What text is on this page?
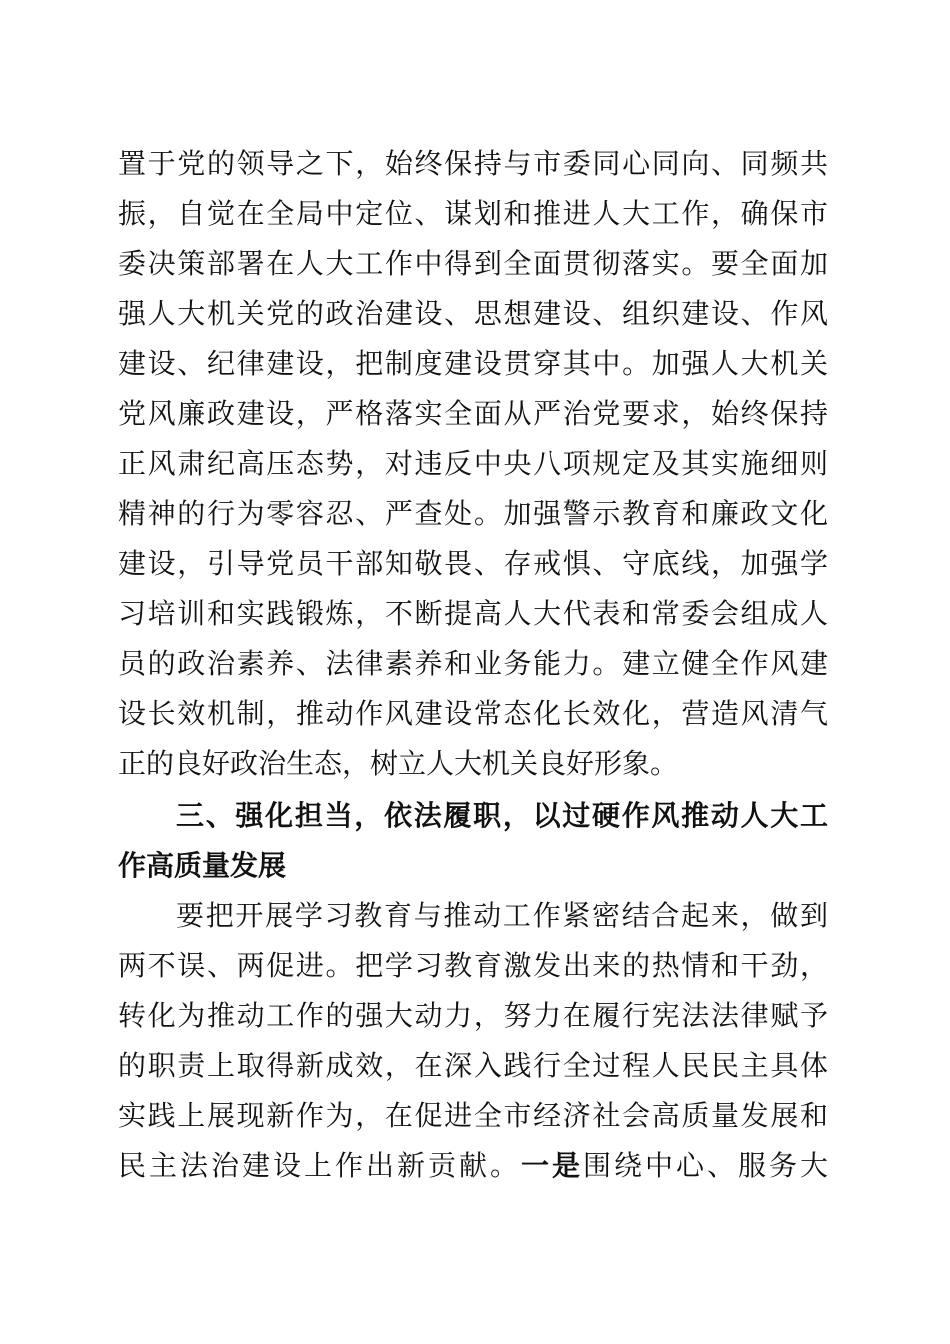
置于党的领导之下，始终保持与市委同心同向、同频共

振，自觉在全局中定位、谋划和推进人大工作，确保市

委决策部署在人大工作中得到全面贯彻落实。要全面加

强人大机关党的政治建设、思想建设、组织建设、作风

建设、纪律建设，把制度建设贯穿其中。加强人大机关

党风廉政建设，严格落实全面从严治党要求，始终保持

正风肃纪高压态势，对违反中央八项规定及其实施细则

精神的行为零容忍、严查处。加强警示教育和廉政文化

建设，引导党员干部知敬畏、存戒惧、守底线，加强学

习培训和实践锻炼，不断提高人大代表和常委会组成人

员的政治素养、法律素养和业务能力。建立健全作风建

设长效机制，推动作风建设常态化长效化，营造风清气

正的良好政治生态，树立人大机关良好形象。

三、强化担当，依法履职，以过硬作风推动人大工

作高质量发展

要把开展学习教育与推动工作紧密结合起来，做到

两不误、两促进。把学习教育激发出来的热情和干劲，

转化为推动工作的强大动力，努力在履行宪法法律赋予

的职责上取得新成效，在深入践行全过程人民民主具体

实践上展现新作为，在促进全市经济社会高质量发展和

民主法治建设上作出新贡献。一是围绕中心、服务大
